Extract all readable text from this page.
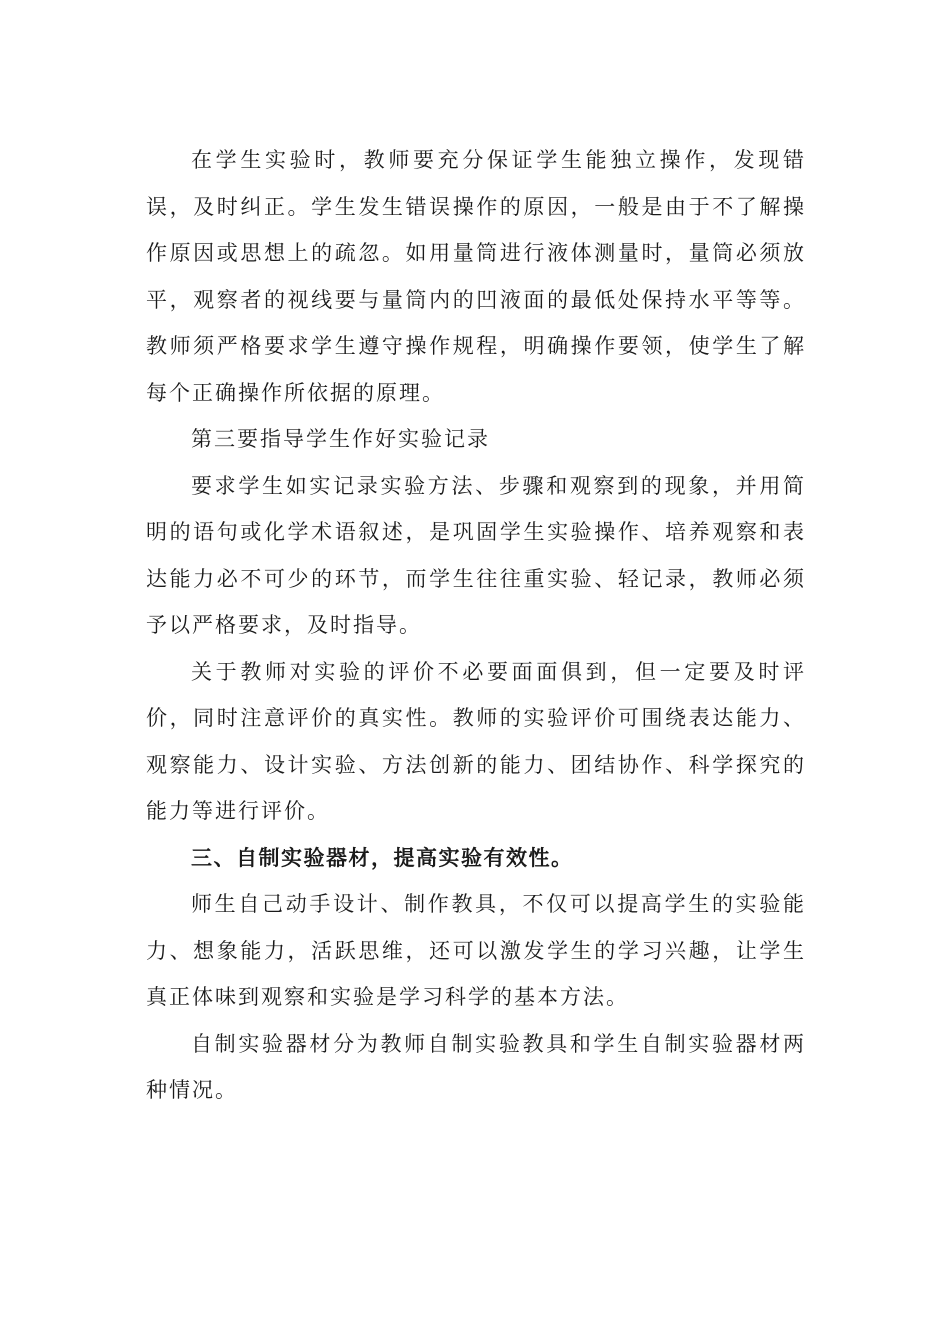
在学生实验时，教师要充分保证学生能独立操作，发现错误，及时纠正。学生发生错误操作的原因，一般是由于不了解操作原因或思想上的疏忽。如用量筒进行液体测量时，量筒必须放平，观察者的视线要与量筒内的凹液面的最低处保持水平等等。教师须严格要求学生遵守操作规程，明确操作要领，使学生了解每个正确操作所依据的原理。

第三要指导学生作好实验记录

要求学生如实记录实验方法、步骤和观察到的现象，并用简明的语句或化学术语叙述，是巩固学生实验操作、培养观察和表达能力必不可少的环节，而学生往往重实验、轻记录，教师必须予以严格要求，及时指导。

关于教师对实验的评价不必要面面俱到，但一定要及时评价，同时注意评价的真实性。教师的实验评价可围绕表达能力、观察能力、设计实验、方法创新的能力、团结协作、科学探究的能力等进行评价。

三、自制实验器材，提高实验有效性。

师生自己动手设计、制作教具，不仅可以提高学生的实验能力、想象能力，活跃思维，还可以激发学生的学习兴趣，让学生真正体味到观察和实验是学习科学的基本方法。

自制实验器材分为教师自制实验教具和学生自制实验器材两种情况。
